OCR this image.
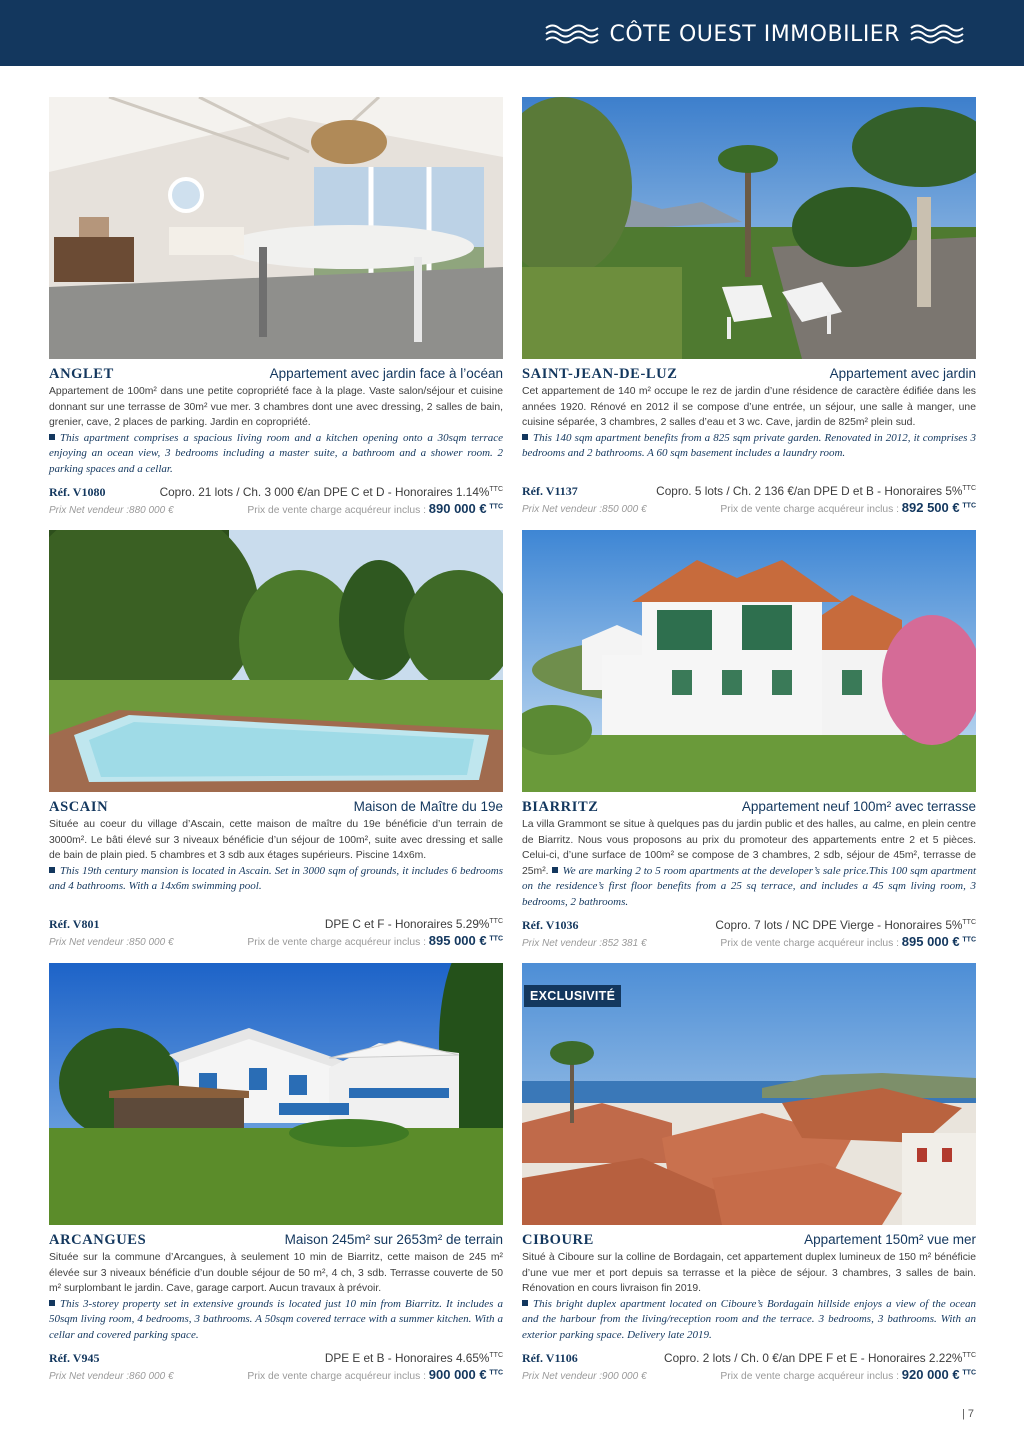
CÔTE OUEST IMMOBILIER
ANGLET	Appartement avec jardin face à l’océan

Appartement de 100m² dans une petite copropriété face à la plage. Vaste salon/séjour et cuisine donnant sur une terrasse de 30m² vue mer. 3 chambres dont une avec dressing, 2 salles de bain, grenier, cave, 2 places de parking. Jardin en copropriété.

This apartment comprises a spacious living room and a kitchen opening onto a 30sqm terrace enjoying an ocean view, 3 bedrooms including a master suite, a bathroom and a shower room. 2 parking spaces and a cellar.

Réf. V1080	Copro. 21 lots / Ch. 3 000 €/an DPE C et D - Honoraires 1.14%$^{TTC}$
Prix Net vendeur :880 000 €	Prix de vente charge acquéreur inclus : 890 000 € $^{TTC}$
SAINT-JEAN-DE-LUZ	Appartement avec jardin

Cet appartement de 140 m² occupe le rez de jardin d’une résidence de caractère édifiée dans les années 1920. Rénové en 2012 il se compose d’une entrée, un séjour, une salle à manger, une cuisine séparée, 3 chambres, 2 salles d’eau et 3 wc. Cave, jardin de 825m² plein sud.

This 140 sqm apartment benefits from a 825 sqm private garden. Renovated in 2012, it comprises 3 bedrooms and 2 bathrooms. A 60 sqm basement includes a laundry room.

Réf. V1137	Copro. 5 lots / Ch. 2 136 €/an DPE D et B - Honoraires 5%$^{TTC}$
Prix Net vendeur :850 000 €	Prix de vente charge acquéreur inclus : 892 500 € $^{TTC}$
ASCAIN	Maison de Maître du 19e

Située au coeur du village d’Ascain, cette maison de maître du 19e bénéficie d’un terrain de 3000m². Le bâti élevé sur 3 niveaux bénéficie d’un séjour de 100m², suite avec dressing et salle de bain de plain pied. 5 chambres et 3 sdb aux étages supérieurs. Piscine 14x6m.

This 19th century mansion is located in Ascain. Set in 3000 sqm of grounds, it includes 6 bedrooms and 4 bathrooms. With a 14x6m swimming pool.

Réf. V801	DPE C et F - Honoraires 5.29%$^{TTC}$
Prix Net vendeur :850 000 €	Prix de vente charge acquéreur inclus : 895 000 € $^{TTC}$
BIARRITZ	Appartement neuf 100m² avec terrasse

La villa Grammont se situe à quelques pas du jardin public et des halles, au calme, en plein centre de Biarritz. Nous vous proposons au prix du promoteur des appartements entre 2 et 5 pièces. Celui-ci, d’une surface de 100m² se compose de 3 chambres, 2 sdb, séjour de 45m², terrasse de 25m². We are marking 2 to 5 room apartments at the developer’s sale price.This 100 sqm apartment on the residence’s first floor benefits from a 25 sq terrace, and includes a 45 sqm living room, 3 bedrooms, 2 bathrooms.

Réf. V1036	Copro. 7 lots / NC DPE Vierge - Honoraires 5%$^{TTC}$
Prix Net vendeur :852 381 €	Prix de vente charge acquéreur inclus : 895 000 € $^{TTC}$
ARCANGUES	Maison 245m² sur 2653m² de terrain

Située sur la commune d’Arcangues, à seulement 10 min de Biarritz, cette maison de 245 m² élevée sur 3 niveaux bénéficie d’un double séjour de 50 m², 4 ch, 3 sdb. Terrasse couverte de 50 m² surplombant le jardin. Cave, garage carport. Aucun travaux à prévoir.

This 3-storey property set in extensive grounds is located just 10 min from Biarritz. It includes a 50sqm living room, 4 bedrooms, 3 bathrooms. A 50sqm covered terrace with a summer kitchen. With a cellar and covered parking space.

Réf. V945	DPE E et B - Honoraires 4.65%$^{TTC}$
Prix Net vendeur :860 000 €	Prix de vente charge acquéreur inclus : 900 000 € $^{TTC}$
EXCLUSIVITÉ
CIBOURE	Appartement 150m² vue mer

Situé à Ciboure sur la colline de Bordagain, cet appartement duplex lumineux de 150 m² bénéficie d’une vue mer et port depuis sa terrasse et la pièce de séjour. 3 chambres, 3 salles de bain. Rénovation en cours livraison fin 2019.

This bright duplex apartment located on Ciboure’s Bordagain hillside enjoys a view of the ocean and the harbour from the living/reception room and the terrace. 3 bedrooms, 3 bathrooms. With an exterior parking space. Delivery late 2019.

Réf. V1106	Copro. 2 lots / Ch. 0 €/an DPE F et E - Honoraires 2.22%$^{TTC}$
Prix Net vendeur :900 000 €	Prix de vente charge acquéreur inclus : 920 000 € $^{TTC}$
| 7
